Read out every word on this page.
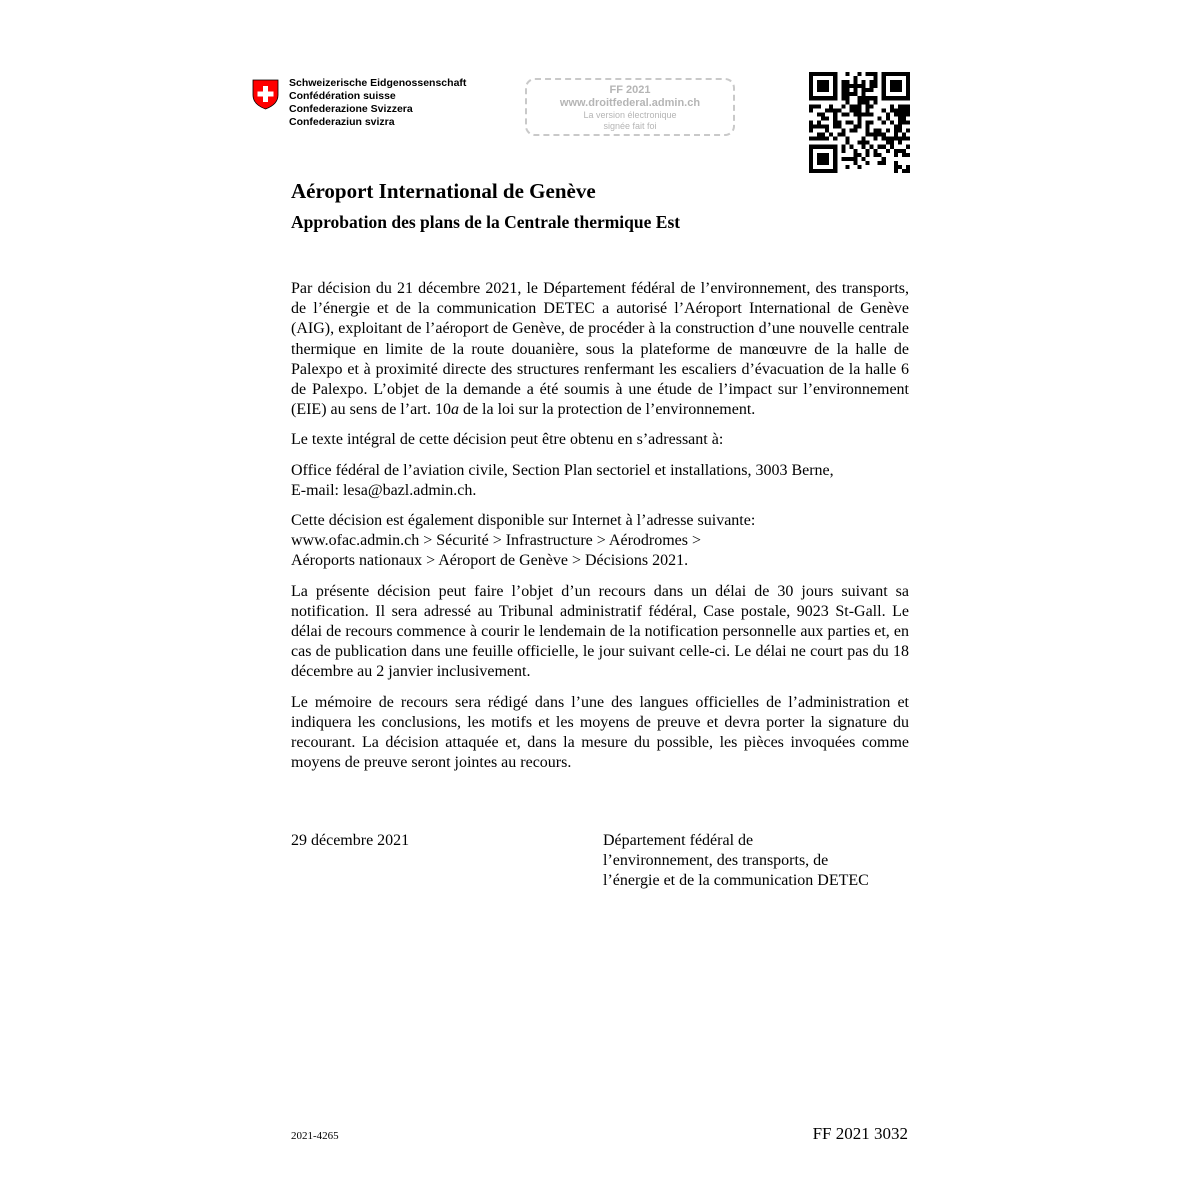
Schweizerische Eidgenossenschaft
Confédération suisse
Confederazione Svizzera
Confederaziun svizra
FF 2021
www.droitfederal.admin.ch
La version électronique
signée fait foi
Aéroport International de Genève
Approbation des plans de la Centrale thermique Est

Par décision du 21 décembre 2021, le Département fédéral de l’environnement, des transports, de l’énergie et de la communication DETEC a autorisé l’Aéroport International de Genève (AIG), exploitant de l’aéroport de Genève, de procéder à la construction d’une nouvelle centrale thermique en limite de la route douanière, sous la plateforme de manœuvre de la halle de Palexpo et à proximité directe des structures renfermant les escaliers d’évacuation de la halle 6 de Palexpo. L’objet de la demande a été soumis à une étude de l’impact sur l’environnement (EIE) au sens de l’art. 10a de la loi sur la protection de l’environnement.

Le texte intégral de cette décision peut être obtenu en s’adressant à:

Office fédéral de l’aviation civile, Section Plan sectoriel et installations, 3003 Berne,
E-mail: lesa@bazl.admin.ch.

Cette décision est également disponible sur Internet à l’adresse suivante:
www.ofac.admin.ch > Sécurité > Infrastructure > Aérodromes >
Aéroports nationaux > Aéroport de Genève > Décisions 2021.

La présente décision peut faire l’objet d’un recours dans un délai de 30 jours suivant sa notification. Il sera adressé au Tribunal administratif fédéral, Case postale, 9023 St-Gall. Le délai de recours commence à courir le lendemain de la notification personnelle aux parties et, en cas de publication dans une feuille officielle, le jour suivant celle-ci. Le délai ne court pas du 18 décembre au 2 janvier inclusivement.

Le mémoire de recours sera rédigé dans l’une des langues officielles de l’administration et indiquera les conclusions, les motifs et les moyens de preuve et devra porter la signature du recourant. La décision attaquée et, dans la mesure du possible, les pièces invoquées comme moyens de preuve seront jointes au recours.

29 décembre 2021	Département fédéral de
l’environnement, des transports, de
l’énergie et de la communication DETEC
2021-4265	FF 2021 3032
